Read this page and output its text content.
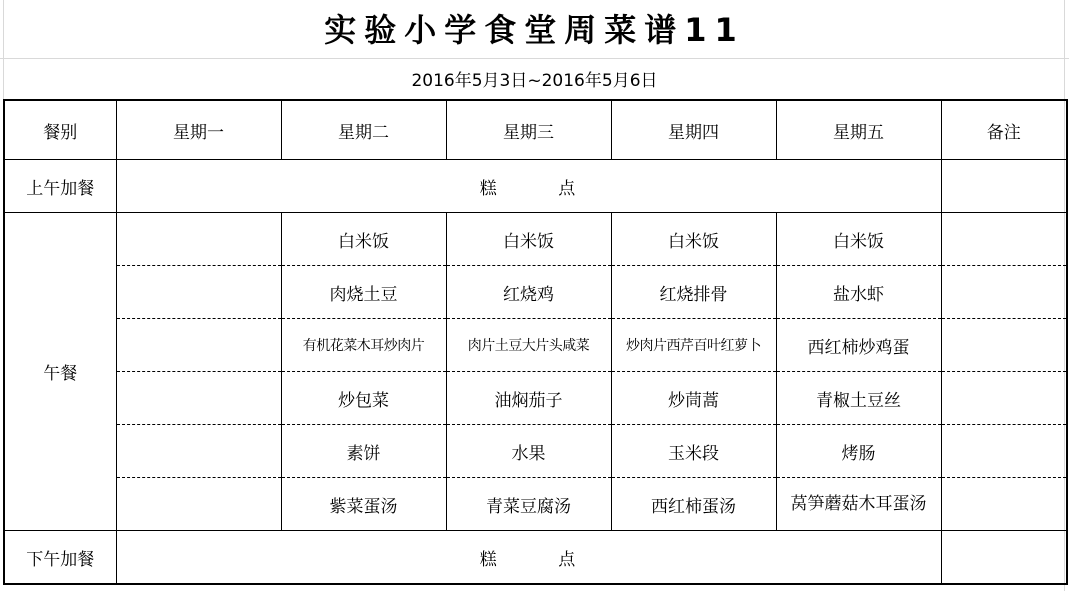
实验小学食堂周菜谱11
2016年5月3日~2016年5月6日
餐别	星期一	星期二	星期三	星期四	星期五	备注
上午加餐	糕 点					
午餐		白米饭	白米饭	白米饭	白米饭	
		肉烧土豆	红烧鸡	红烧排骨	盐水虾	
		有机花菜木耳炒肉片	肉片土豆大片头咸菜	炒肉片西芹百叶红萝卜	西红柿炒鸡蛋	
		炒包菜	油焖茄子	炒茼蒿	青椒土豆丝	
		素饼	水果	玉米段	烤肠	
		紫菜蛋汤	青菜豆腐汤	西红柿蛋汤	莴笋蘑菇木耳蛋汤	
下午加餐	糕 点					
